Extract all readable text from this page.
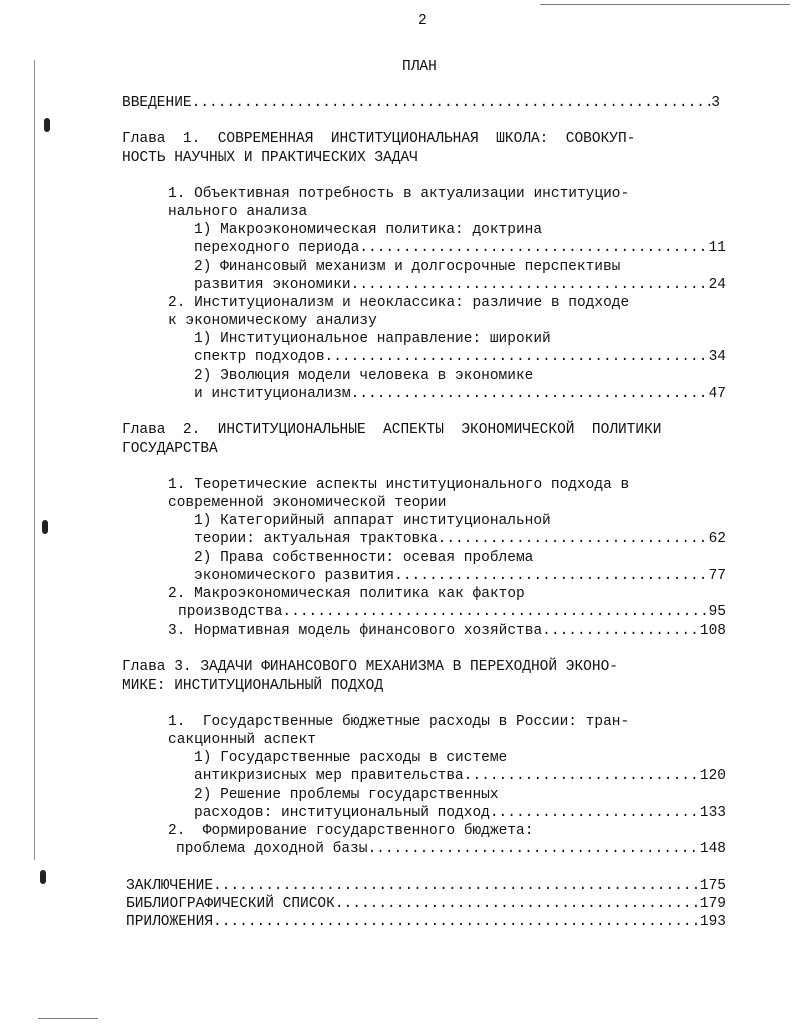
2
ПЛАН
ВВЕДЕНИЕ .....	3
Глава  1.  СОВРЕМЕННАЯ  ИНСТИТУЦИОНАЛЬНАЯ  ШКОЛА:  СОВОКУП-
НОСТЬ НАУЧНЫХ И ПРАКТИЧЕСКИХ ЗАДАЧ
1. Объективная потребность в актуализации институцио-
нального анализа
1) Макроэкономическая политика: доктрина
переходного периода .....	11
2) Финансовый механизм и долгосрочные перспективы
развития экономики .....	24
2. Институционализм и неоклассика: различие в подходе
к экономическому анализу
1) Институциональное направление: широкий
спектр подходов .....	34
2) Эволюция модели человека в экономике
и институционализм .....	47
Глава  2.  ИНСТИТУЦИОНАЛЬНЫЕ  АСПЕКТЫ  ЭКОНОМИЧЕСКОЙ  ПОЛИТИКИ
ГОСУДАРСТВА
1. Теоретические аспекты институционального подхода в
современной экономической теории
1) Категорийный аппарат институциональной
теории: актуальная трактовка .....	62
2) Права собственности: осевая проблема
экономического развития .....	77
2. Макроэкономическая политика как фактор
производства .....	95
3. Нормативная модель финансового хозяйства .....	108
Глава 3. ЗАДАЧИ ФИНАНСОВОГО МЕХАНИЗМА В ПЕРЕХОДНОЙ ЭКОНО-
МИКЕ: ИНСТИТУЦИОНАЛЬНЫЙ ПОДХОД
1.  Государственные бюджетные расходы в России: тран-
сакционный аспект
1) Государственные расходы в системе
антикризисных мер правительства .....	120
2) Решение проблемы государственных
расходов: институциональный подход .....	133
2.  Формирование государственного бюджета:
проблема доходной базы .....	148
ЗАКЛЮЧЕНИЕ .....	175
БИБЛИОГРАФИЧЕСКИЙ СПИСОК .....	179
ПРИЛОЖЕНИЯ .....	193
